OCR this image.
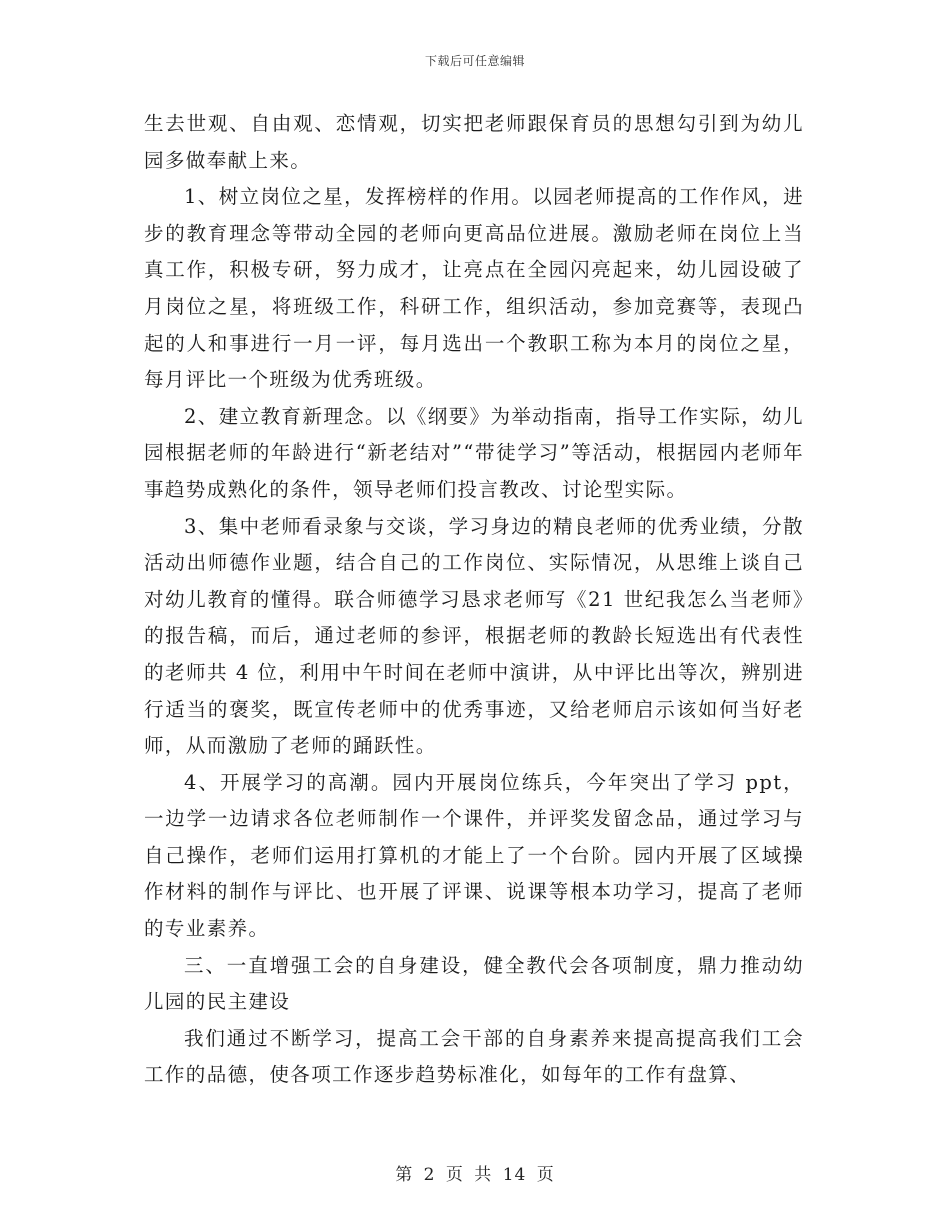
下载后可任意编辑

生去世观、自由观、恋情观，切实把老师跟保育员的思想勾引到为幼儿园多做奉献上来。

1、树立岗位之星，发挥榜样的作用。以园老师提高的工作作风，进步的教育理念等带动全园的老师向更高品位进展。激励老师在岗位上当真工作，积极专研，努力成才，让亮点在全园闪亮起来，幼儿园设破了月岗位之星，将班级工作，科研工作，组织活动，参加竞赛等，表现凸起的人和事进行一月一评，每月选出一个教职工称为本月的岗位之星，每月评比一个班级为优秀班级。

2、建立教育新理念。以《纲要》为举动指南，指导工作实际，幼儿园根据老师的年龄进行“新老结对”“带徒学习”等活动，根据园内老师年事趋势成熟化的条件，领导老师们投言教改、讨论型实际。

3、集中老师看录象与交谈，学习身边的精良老师的优秀业绩，分散活动出师德作业题，结合自己的工作岗位、实际情况，从思维上谈自己对幼儿教育的懂得。联合师德学习恳求老师写《21 世纪我怎么当老师》的报告稿，而后，通过老师的参评，根据老师的教龄长短选出有代表性的老师共 4 位，利用中午时间在老师中演讲，从中评比出等次，辨别进行适当的褒奖，既宣传老师中的优秀事迹，又给老师启示该如何当好老师，从而激励了老师的踊跃性。

4、开展学习的高潮。园内开展岗位练兵，今年突出了学习 ppt，一边学一边请求各位老师制作一个课件，并评奖发留念品，通过学习与自己操作，老师们运用打算机的才能上了一个台阶。园内开展了区域操作材料的制作与评比、也开展了评课、说课等根本功学习，提高了老师的专业素养。

三、一直增强工会的自身建设，健全教代会各项制度，鼎力推动幼儿园的民主建设

我们通过不断学习，提高工会干部的自身素养来提高提高我们工会工作的品德，使各项工作逐步趋势标准化，如每年的工作有盘算、

第 2 页 共 14 页
